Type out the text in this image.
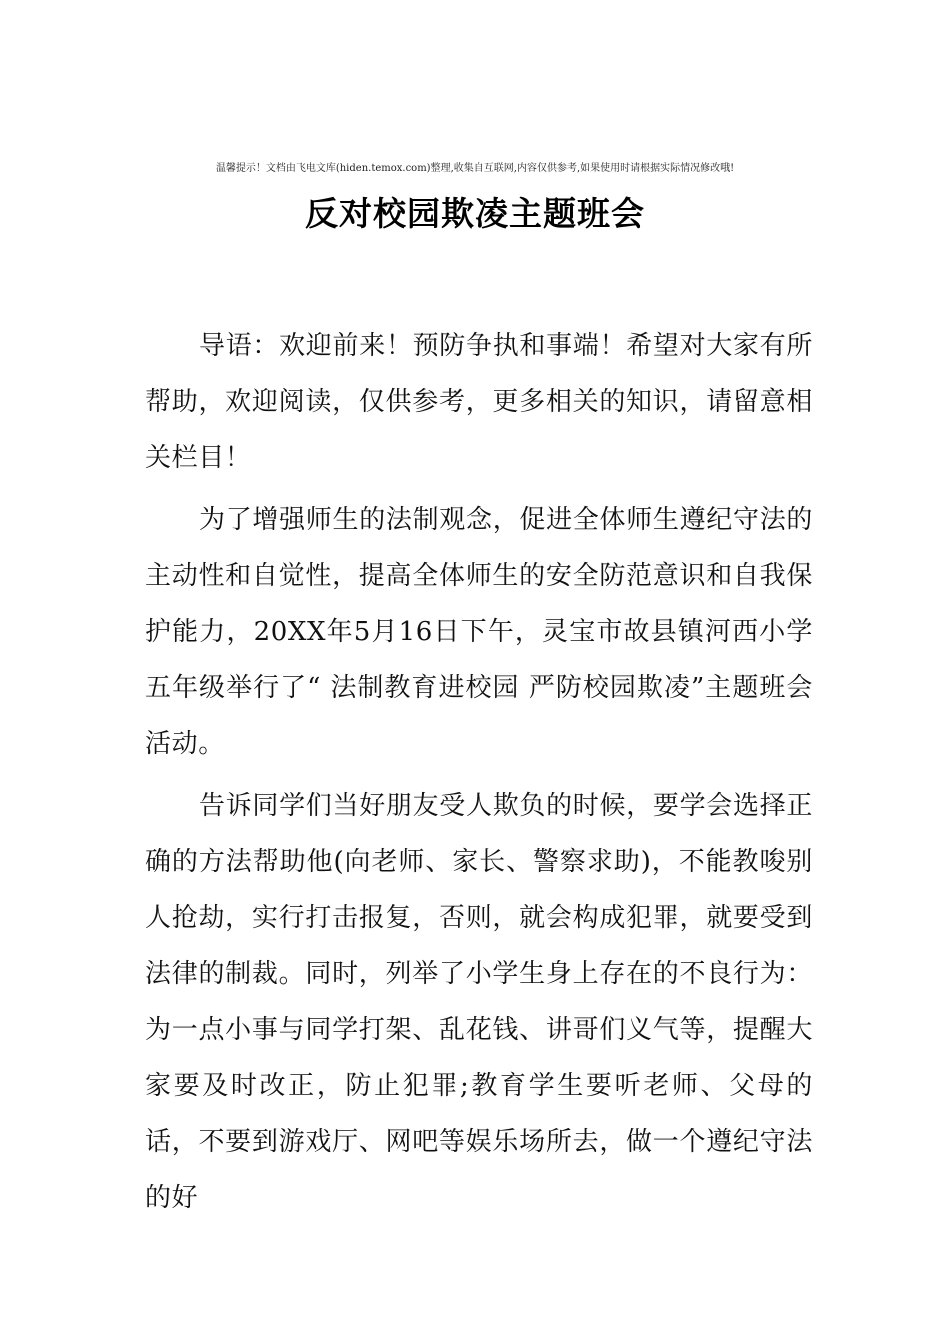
温馨提示！文档由飞电文库(hiden.temox.com)整理,收集自互联网,内容仅供参考,如果使用时请根据实际情况修改哦!
反对校园欺凌主题班会

导语：欢迎前来！预防争执和事端！希望对大家有所帮助，欢迎阅读，仅供参考，更多相关的知识，请留意相关栏目！

为了增强师生的法制观念，促进全体师生遵纪守法的主动性和自觉性，提高全体师生的安全防范意识和自我保护能力，20XX年5月16日下午，灵宝市故县镇河西小学五年级举行了“ 法制教育进校园 严防校园欺凌”主题班会活动。

告诉同学们当好朋友受人欺负的时候，要学会选择正确的方法帮助他(向老师、家长、警察求助)，不能教唆别人抢劫，实行打击报复，否则，就会构成犯罪，就要受到法律的制裁。同时，列举了小学生身上存在的不良行为：为一点小事与同学打架、乱花钱、讲哥们义气等，提醒大家要及时改正，防止犯罪;教育学生要听老师、父母的话，不要到游戏厅、网吧等娱乐场所去，做一个遵纪守法的好
